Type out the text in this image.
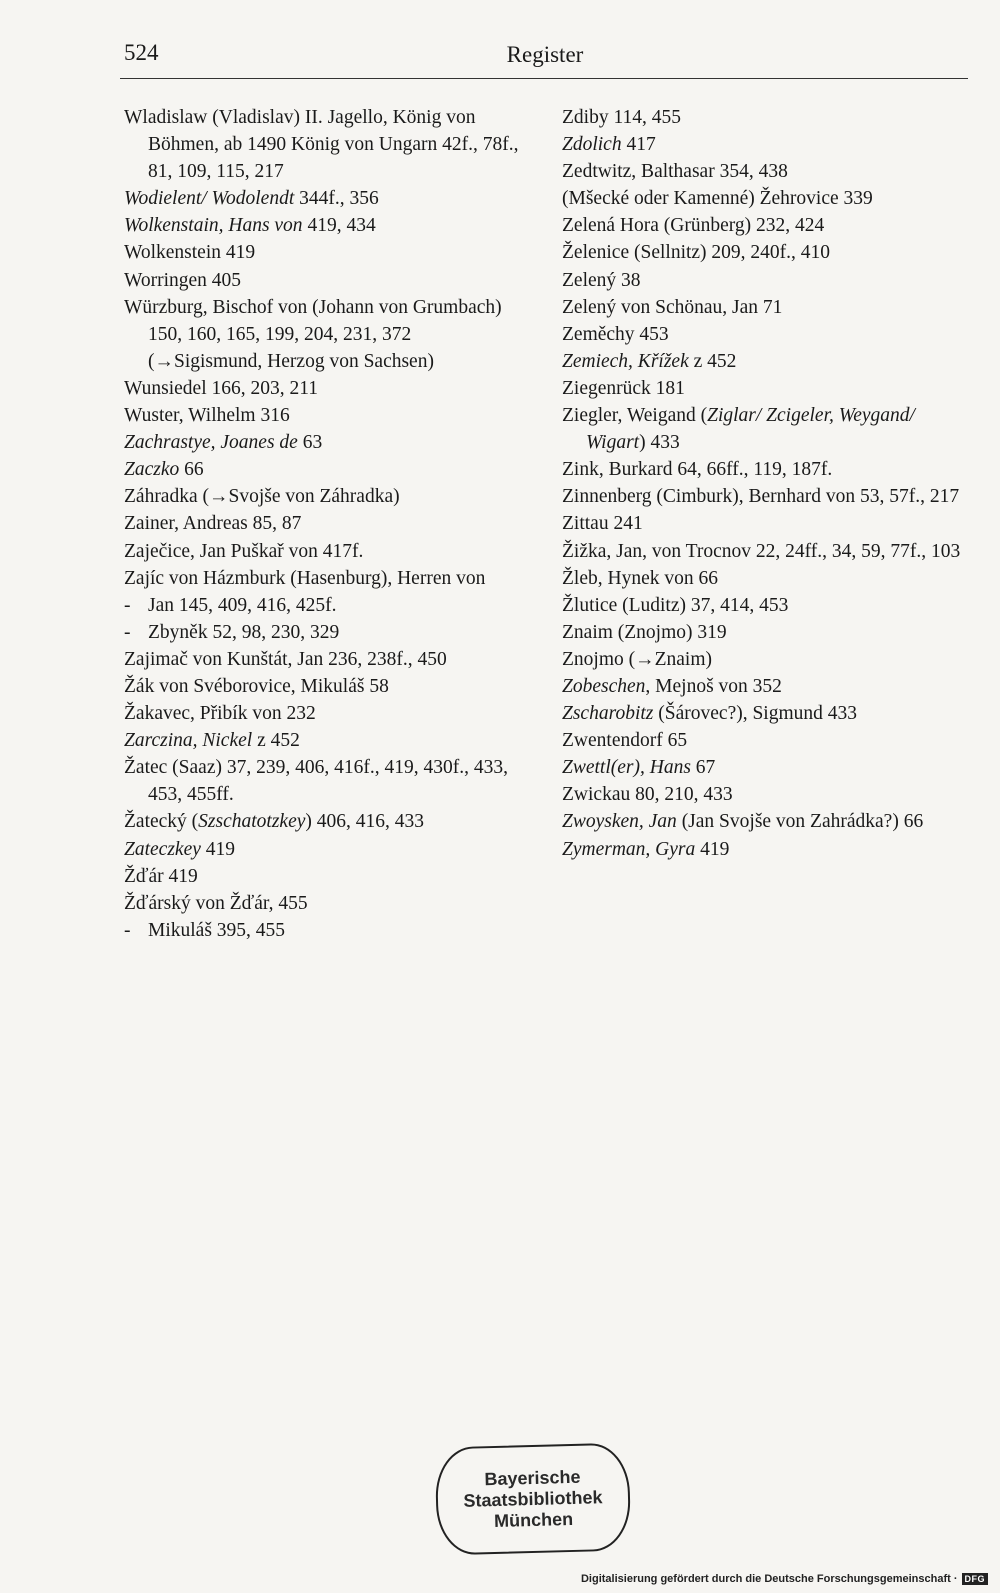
524	Register

Wladislaw (Vladislav) II. Jagello, König von Böhmen, ab 1490 König von Ungarn 42f., 78f., 81, 109, 115, 217

Wodielent/ Wodolendt 344f., 356

Wolkenstain, Hans von 419, 434

Wolkenstein 419

Worringen 405

Würzburg, Bischof von (Johann von Grumbach) 150, 160, 165, 199, 204, 231, 372 (→Sigismund, Herzog von Sachsen)

Wunsiedel 166, 203, 211

Wuster, Wilhelm 316

Zachrastye, Joanes de 63

Zaczko 66

Záhradka (→Svojše von Záhradka)

Zainer, Andreas 85, 87

Zaječice, Jan Puškař von 417f.

Zajíc von Házmburk (Hasenburg), Herren von

- Jan 145, 409, 416, 425f.

- Zbyněk 52, 98, 230, 329

Zajimač von Kunštát, Jan 236, 238f., 450

Žák von Svéborovice, Mikuláš 58

Žakavec, Přibík von 232

Zarczina, Nickel z 452

Žatec (Saaz) 37, 239, 406, 416f., 419, 430f., 433, 453, 455ff.

Žatecký (Szschatotzkey) 406, 416, 433

Zateczkey 419

Žďár 419

Žďárský von Žďár, 455

- Mikuláš 395, 455

Zdiby 114, 455

Zdolich 417

Zedtwitz, Balthasar 354, 438

(Mšecké oder Kamenné) Žehrovice 339

Zelená Hora (Grünberg) 232, 424

Želenice (Sellnitz) 209, 240f., 410

Zelený 38

Zelený von Schönau, Jan 71

Zeměchy 453

Zemiech, Křížek z 452

Ziegenrück 181

Ziegler, Weigand (Ziglar/ Zcigeler, Weygand/ Wigart) 433

Zink, Burkard 64, 66ff., 119, 187f.

Zinnenberg (Cimburk), Bernhard von 53, 57f., 217

Zittau 241

Žižka, Jan, von Trocnov 22, 24ff., 34, 59, 77f., 103

Žleb, Hynek von 66

Žlutice (Luditz) 37, 414, 453

Znaim (Znojmo) 319

Znojmo (→Znaim)

Zobeschen, Mejnoš von 352

Zscharobitz (Šárovec?), Sigmund 433

Zwentendorf 65

Zwettl(er), Hans 67

Zwickau 80, 210, 433

Zwoysken, Jan (Jan Svojše von Zahrádka?) 66

Zymerman, Gyra 419

Bayerische
Staatsbibliothek
München
Digitalisierung gefördert durch die Deutsche Forschungsgemeinschaft · DFG
